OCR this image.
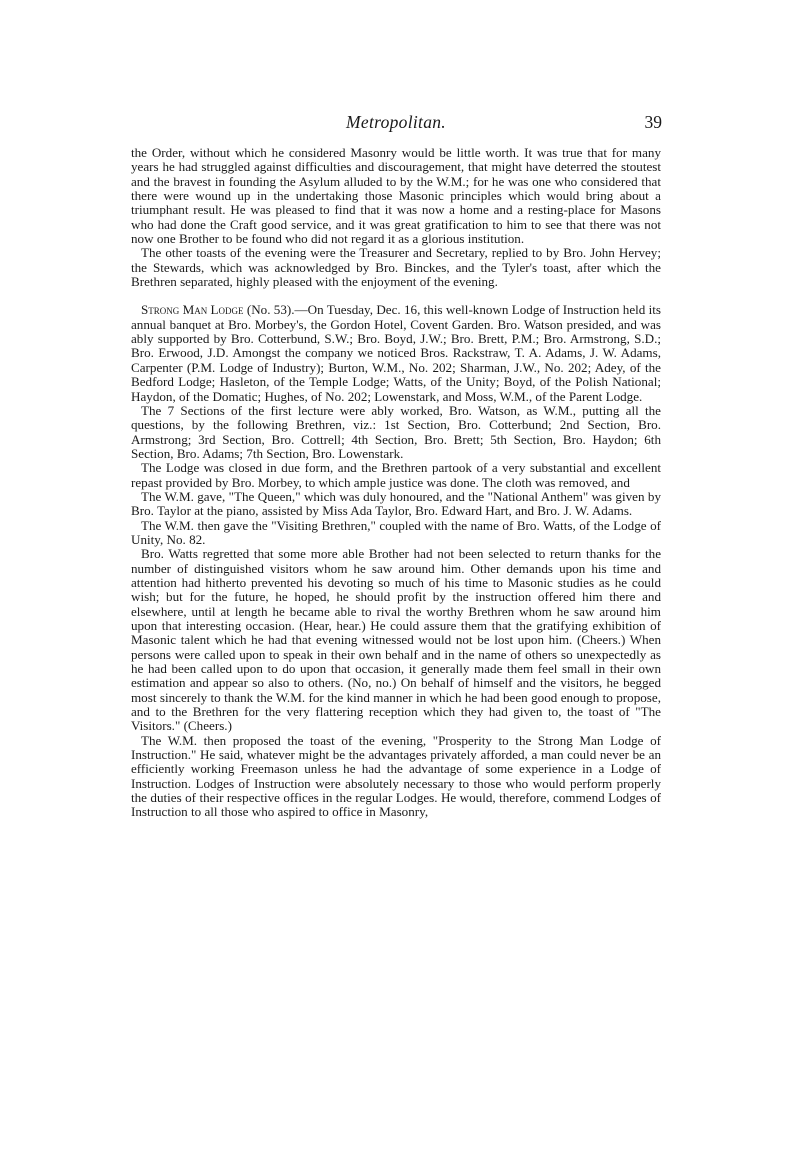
Metropolitan.	39

the Order, without which he considered Masonry would be little worth. It was true that for many years he had struggled against difficulties and discouragement, that might have deterred the stoutest and the bravest in founding the Asylum alluded to by the W.M.; for he was one who considered that there were wound up in the undertaking those Masonic principles which would bring about a triumphant result. He was pleased to find that it was now a home and a resting-place for Masons who had done the Craft good service, and it was great gratification to him to see that there was not now one Brother to be found who did not regard it as a glorious institution.

The other toasts of the evening were the Treasurer and Secretary, replied to by Bro. John Hervey; the Stewards, which was acknowledged by Bro. Binckes, and the Tyler's toast, after which the Brethren separated, highly pleased with the enjoyment of the evening.

Strong Man Lodge (No. 53).—On Tuesday, Dec. 16, this well-known Lodge of Instruction held its annual banquet at Bro. Morbey's, the Gordon Hotel, Covent Garden. Bro. Watson presided, and was ably supported by Bro. Cotterbund, S.W.; Bro. Boyd, J.W.; Bro. Brett, P.M.; Bro. Armstrong, S.D.; Bro. Erwood, J.D. Amongst the company we noticed Bros. Rackstraw, T. A. Adams, J. W. Adams, Carpenter (P.M. Lodge of Industry); Burton, W.M., No. 202; Sharman, J.W., No. 202; Adey, of the Bedford Lodge; Hasleton, of the Temple Lodge; Watts, of the Unity; Boyd, of the Polish National; Haydon, of the Domatic; Hughes, of No. 202; Lowenstark, and Moss, W.M., of the Parent Lodge.

The 7 Sections of the first lecture were ably worked, Bro. Watson, as W.M., putting all the questions, by the following Brethren, viz.: 1st Section, Bro. Cotterbund; 2nd Section, Bro. Armstrong; 3rd Section, Bro. Cottrell; 4th Section, Bro. Brett; 5th Section, Bro. Haydon; 6th Section, Bro. Adams; 7th Section, Bro. Lowenstark.

The Lodge was closed in due form, and the Brethren partook of a very substantial and excellent repast provided by Bro. Morbey, to which ample justice was done. The cloth was removed, and

The W.M. gave, "The Queen," which was duly honoured, and the "National Anthem" was given by Bro. Taylor at the piano, assisted by Miss Ada Taylor, Bro. Edward Hart, and Bro. J. W. Adams.

The W.M. then gave the "Visiting Brethren," coupled with the name of Bro. Watts, of the Lodge of Unity, No. 82.

Bro. Watts regretted that some more able Brother had not been selected to return thanks for the number of distinguished visitors whom he saw around him. Other demands upon his time and attention had hitherto prevented his devoting so much of his time to Masonic studies as he could wish; but for the future, he hoped, he should profit by the instruction offered him there and elsewhere, until at length he became able to rival the worthy Brethren whom he saw around him upon that interesting occasion. (Hear, hear.) He could assure them that the gratifying exhibition of Masonic talent which he had that evening witnessed would not be lost upon him. (Cheers.) When persons were called upon to speak in their own behalf and in the name of others so unexpectedly as he had been called upon to do upon that occasion, it generally made them feel small in their own estimation and appear so also to others. (No, no.) On behalf of himself and the visitors, he begged most sincerely to thank the W.M. for the kind manner in which he had been good enough to propose, and to the Brethren for the very flattering reception which they had given to, the toast of "The Visitors." (Cheers.)

The W.M. then proposed the toast of the evening, "Prosperity to the Strong Man Lodge of Instruction." He said, whatever might be the advantages privately afforded, a man could never be an efficiently working Freemason unless he had the advantage of some experience in a Lodge of Instruction. Lodges of Instruction were absolutely necessary to those who would perform properly the duties of their respective offices in the regular Lodges. He would, therefore, commend Lodges of Instruction to all those who aspired to office in Masonry,
